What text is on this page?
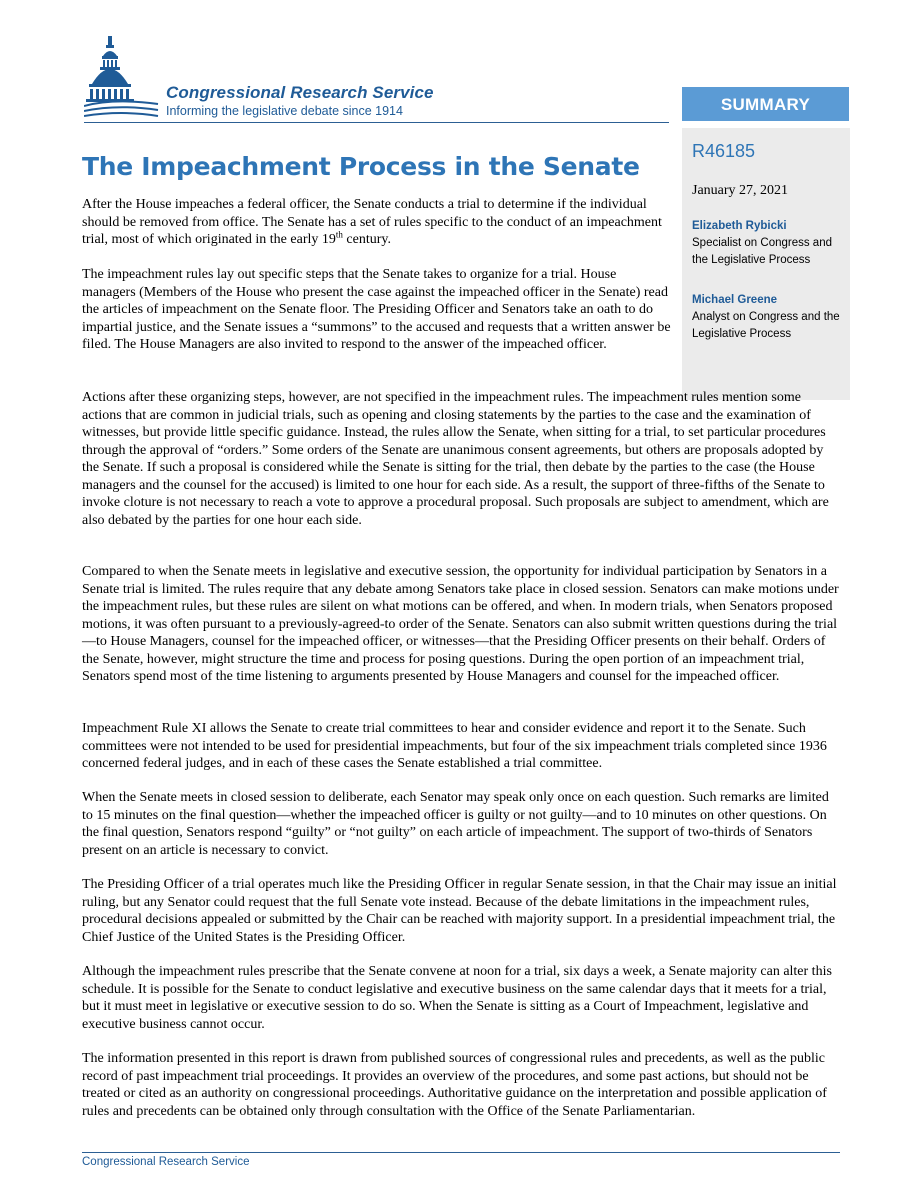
Congressional Research Service
Informing the legislative debate since 1914	SUMMARY
R46185
January 27, 2021
Elizabeth Rybicki
Specialist on Congress and the Legislative Process
Michael Greene
Analyst on Congress and the Legislative Process
The Impeachment Process in the Senate

After the House impeaches a federal officer, the Senate conducts a trial to determine if the individual should be removed from office. The Senate has a set of rules specific to the conduct of an impeachment trial, most of which originated in the early 19th century.

The impeachment rules lay out specific steps that the Senate takes to organize for a trial. House managers (Members of the House who present the case against the impeached officer in the Senate) read the articles of impeachment on the Senate floor. The Presiding Officer and Senators take an oath to do impartial justice, and the Senate issues a “summons” to the accused and requests that a written answer be filed. The House Managers are also invited to respond to the answer of the impeached officer.

Actions after these organizing steps, however, are not specified in the impeachment rules. The impeachment rules mention some actions that are common in judicial trials, such as opening and closing statements by the parties to the case and the examination of witnesses, but provide little specific guidance. Instead, the rules allow the Senate, when sitting for a trial, to set particular procedures through the approval of “orders.” Some orders of the Senate are unanimous consent agreements, but others are proposals adopted by the Senate. If such a proposal is considered while the Senate is sitting for the trial, then debate by the parties to the case (the House managers and the counsel for the accused) is limited to one hour for each side. As a result, the support of three-fifths of the Senate to invoke cloture is not necessary to reach a vote to approve a procedural proposal. Such proposals are subject to amendment, which are also debated by the parties for one hour each side.

Compared to when the Senate meets in legislative and executive session, the opportunity for individual participation by Senators in a Senate trial is limited. The rules require that any debate among Senators take place in closed session. Senators can make motions under the impeachment rules, but these rules are silent on what motions can be offered, and when. In modern trials, when Senators proposed motions, it was often pursuant to a previously-agreed-to order of the Senate. Senators can also submit written questions during the trial—to House Managers, counsel for the impeached officer, or witnesses—that the Presiding Officer presents on their behalf. Orders of the Senate, however, might structure the time and process for posing questions. During the open portion of an impeachment trial, Senators spend most of the time listening to arguments presented by House Managers and counsel for the impeached officer.

Impeachment Rule XI allows the Senate to create trial committees to hear and consider evidence and report it to the Senate. Such committees were not intended to be used for presidential impeachments, but four of the six impeachment trials completed since 1936 concerned federal judges, and in each of these cases the Senate established a trial committee.

When the Senate meets in closed session to deliberate, each Senator may speak only once on each question. Such remarks are limited to 15 minutes on the final question—whether the impeached officer is guilty or not guilty—and to 10 minutes on other questions. On the final question, Senators respond “guilty” or “not guilty” on each article of impeachment. The support of two-thirds of Senators present on an article is necessary to convict.

The Presiding Officer of a trial operates much like the Presiding Officer in regular Senate session, in that the Chair may issue an initial ruling, but any Senator could request that the full Senate vote instead. Because of the debate limitations in the impeachment rules, procedural decisions appealed or submitted by the Chair can be reached with majority support. In a presidential impeachment trial, the Chief Justice of the United States is the Presiding Officer.

Although the impeachment rules prescribe that the Senate convene at noon for a trial, six days a week, a Senate majority can alter this schedule. It is possible for the Senate to conduct legislative and executive business on the same calendar days that it meets for a trial, but it must meet in legislative or executive session to do so. When the Senate is sitting as a Court of Impeachment, legislative and executive business cannot occur.

The information presented in this report is drawn from published sources of congressional rules and precedents, as well as the public record of past impeachment trial proceedings. It provides an overview of the procedures, and some past actions, but should not be treated or cited as an authority on congressional proceedings. Authoritative guidance on the interpretation and possible application of rules and precedents can be obtained only through consultation with the Office of the Senate Parliamentarian.

Congressional Research Service
